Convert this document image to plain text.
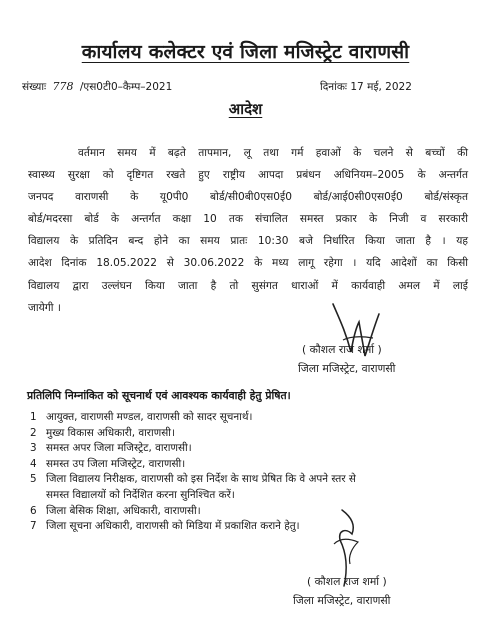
कार्यालय कलेक्टर एवं जिला मजिस्ट्रेट वाराणसी
संख्याः 778 /एस0टी0–कैम्प–2021	दिनांकः 17 मई, 2022
आदेश
वर्तमान समय में बढ़ते तापमान, लू तथा गर्म हवाओं के चलने से बच्चों की
स्वास्थ्य सुरक्षा को दृष्टिगत रखते हुए राष्ट्रीय आपदा प्रबंधन अधिनियम–2005 के अन्तर्गत
जनपद वाराणसी के यू0पी0 बोर्ड/सी0बी0एस0ई0 बोर्ड/आई0सी0एस0ई0 बोर्ड/संस्कृत
बोर्ड/मदरसा बोर्ड के अन्तर्गत कक्षा 10 तक संचालित समस्त प्रकार के निजी व सरकारी
विद्यालय के प्रतिदिन बन्द होने का समय प्रातः 10:30 बजे निर्धारित किया जाता है । यह
आदेश दिनांक 18.05.2022 से 30.06.2022 के मध्य लागू रहेगा । यदि आदेशों का किसी
विद्यालय द्वारा उल्लंघन किया जाता है तो सुसंगत धाराओं में कार्यवाही अमल में लाई
जायेगी ।
( कौशल राज शर्मा )
जिला मजिस्ट्रेट, वाराणसी
प्रतिलिपि निम्नांकित को सूचनार्थ एवं आवश्यक कार्यवाही हेतु प्रेषित।
1 आयुक्त, वाराणसी मण्डल, वाराणसी को सादर सूचनार्थ।
2 मुख्य विकास अधिकारी, वाराणसी।
3 समस्त अपर जिला मजिस्ट्रेट, वाराणसी।
4 समस्त उप जिला मजिस्ट्रेट, वाराणसी।
5 जिला विद्यालय निरीक्षक, वाराणसी को इस निर्देश के साथ प्रेषित कि वे अपने स्तर से
समस्त विद्यालयों को निर्देशित करना सुनिश्चित करें।
6 जिला बेसिक शिक्षा, अधिकारी, वाराणसी।
7 जिला सूचना अधिकारी, वाराणसी को मिडिया में प्रकाशित कराने हेतु।
( कौशल राज शर्मा )
जिला मजिस्ट्रेट, वाराणसी
